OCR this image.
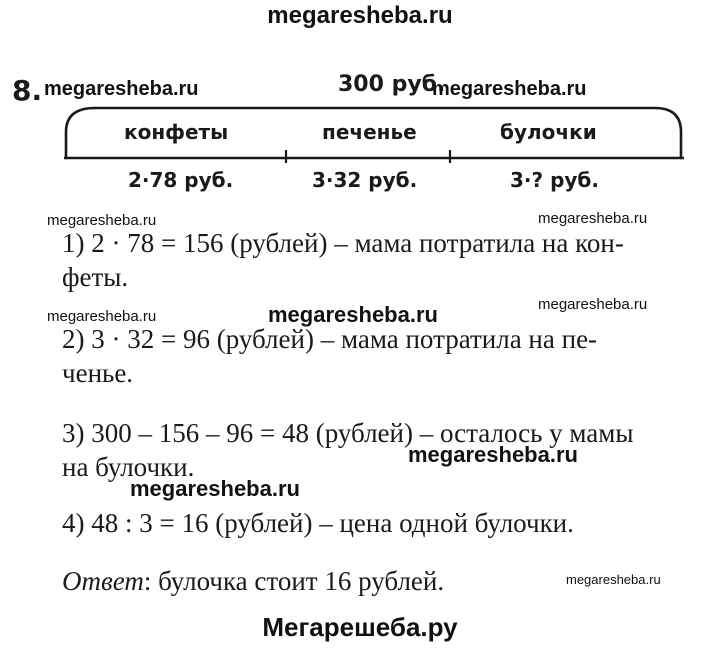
megaresheba.ru
8. megaresheba.ru	300 руб.
megaresheba.ru
конфеты	печенье	булочки
2·78 руб.	3·32 руб.	3·? руб.
megaresheba.ru	megaresheba.ru
1) 2 · 78 = 156 (рублей) – мама потратила на кон-
феты.
megaresheba.ru	megaresheba.ru	megaresheba.ru
2) 3 · 32 = 96 (рублей) – мама потратила на пе-
ченье.
3) 300 – 156 – 96 = 48 (рублей) – осталось у мамы
на булочки.	megaresheba.ru
megaresheba.ru
4) 48 : 3 = 16 (рублей) – цена одной булочки.
Ответ: булочка стоит 16 рублей.	megaresheba.ru
Мегарешеба.ру
